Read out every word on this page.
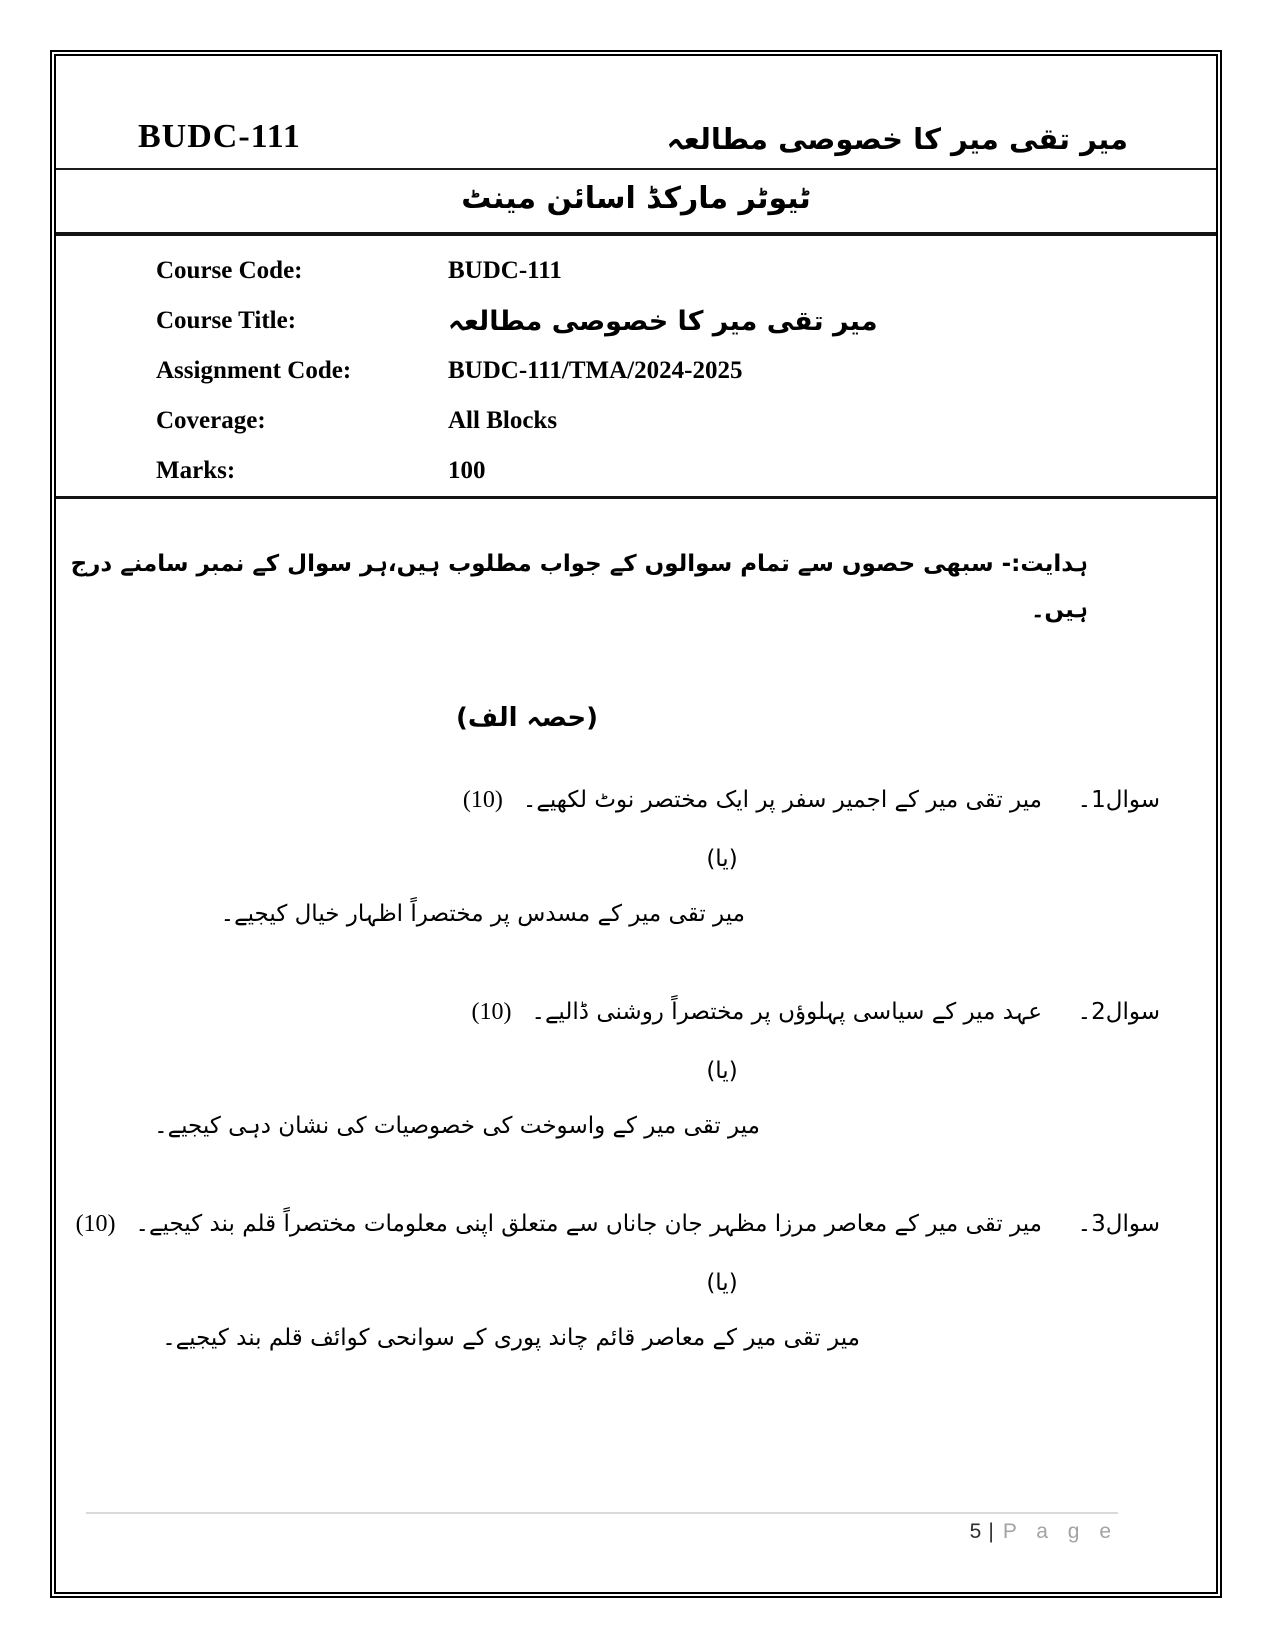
BUDC-111	میر تقی میر کا خصوصی مطالعہ
ٹیوٹر مارکڈ اسائن مینٹ
Course Code:	BUDC-111
Course Title:	میر تقی میر کا خصوصی مطالعہ
Assignment Code:	BUDC-111/TMA/2024-2025
Coverage:	All Blocks
Marks:	100
ہدایت:- سبھی حصوں سے تمام سوالوں کے جواب مطلوب ہیں،ہر سوال کے نمبر سامنے درج ہیں۔
(حصہ الف)
سوال1۔
میر تقی میر کے اجمیر سفر پر ایک مختصر نوٹ لکھیے۔
(10)
(یا)
میر تقی میر کے مسدس پر مختصراً اظہار خیال کیجیے۔
سوال2۔
عہد میر کے سیاسی پہلوؤں پر مختصراً روشنی ڈالیے۔
(10)
(یا)
میر تقی میر کے واسوخت کی خصوصیات کی نشان دہی کیجیے۔
سوال3۔
میر تقی میر کے معاصر مرزا مظہر جان جاناں سے متعلق اپنی معلومات مختصراً قلم بند کیجیے۔
(10)
(یا)
میر تقی میر کے معاصر قائم چاند پوری کے سوانحی کوائف قلم بند کیجیے۔
5 | P a g e
